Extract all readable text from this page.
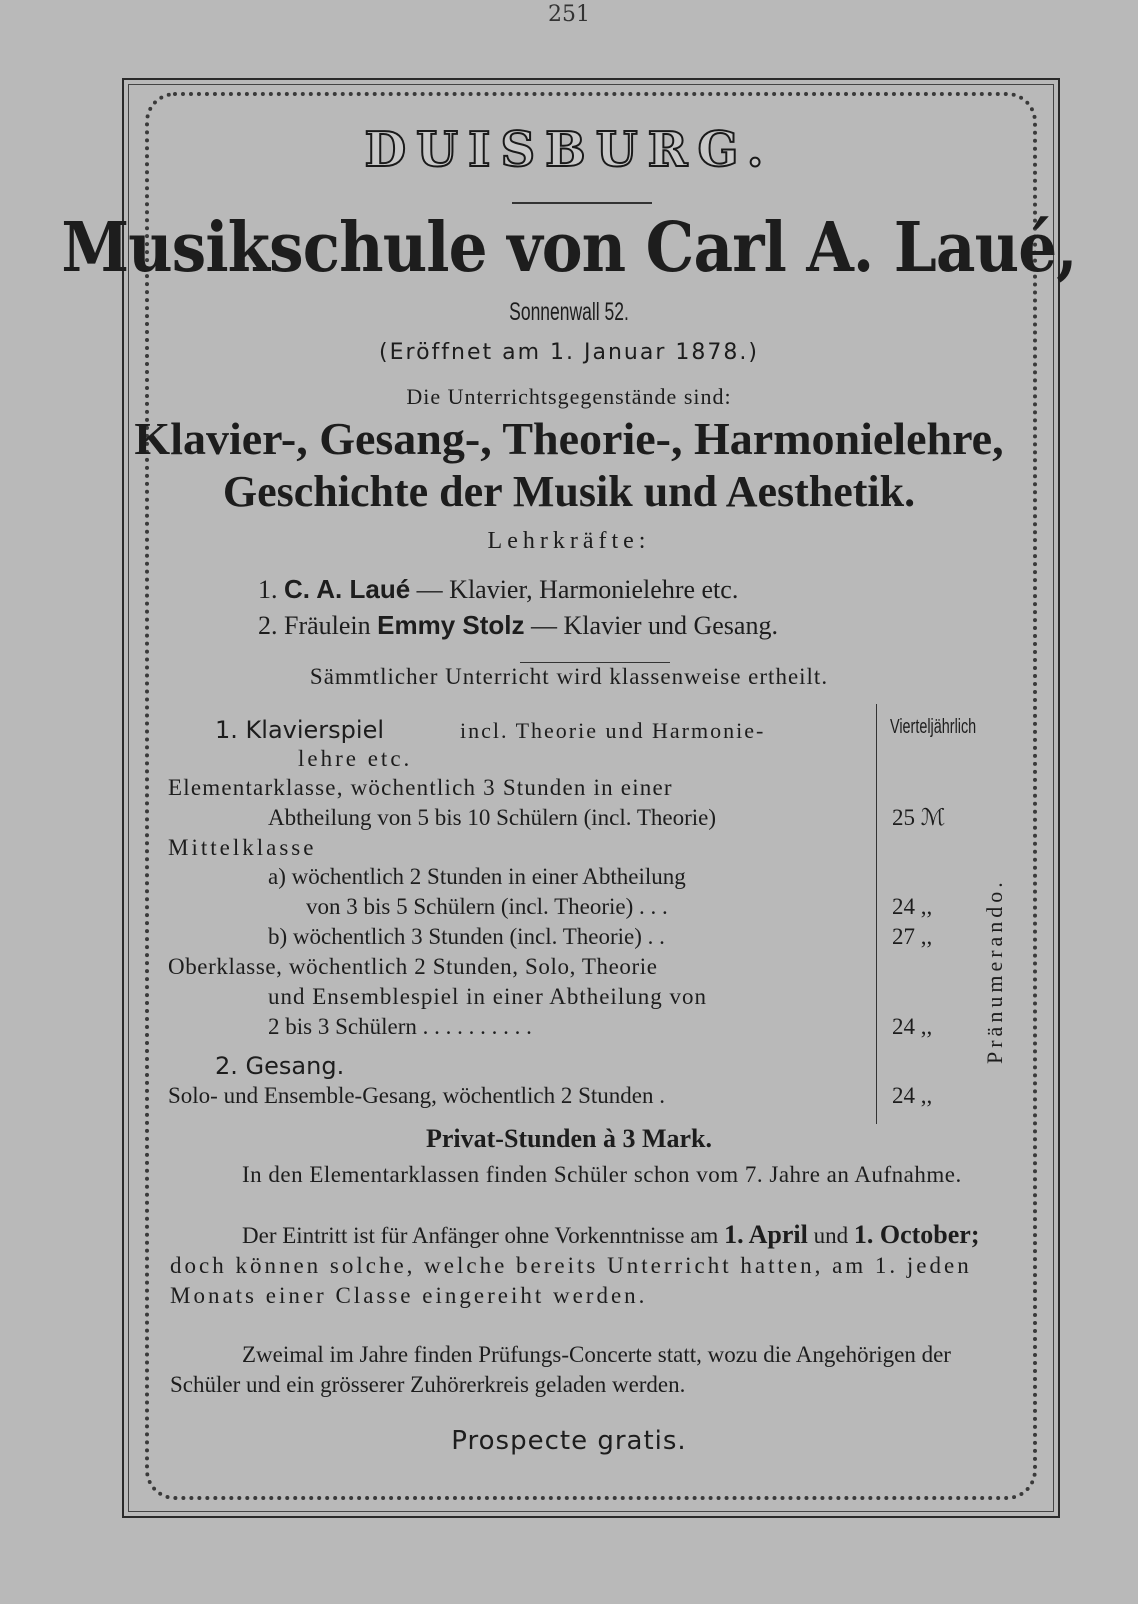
251
DUISBURG.
Musikschule von Carl A. Laué,
Sonnenwall 52.
(Eröffnet am 1. Januar 1878.)
Die Unterrichtsgegenstände sind:
Klavier-, Gesang-, Theorie-, Harmonielehre,
Geschichte der Musik und Aesthetik.
Lehrkräfte:
1. C. A. Laué — Klavier, Harmonielehre etc.
2. Fräulein Emmy Stolz — Klavier und Gesang.
Sämmtlicher Unterricht wird klassenweise ertheilt.
Vierteljährlich
Pränumerando.
1. Klavierspiel	incl. Theorie und Harmonie-
lehre etc.
Elementarklasse, wöchentlich 3 Stunden in einer
Abtheilung von 5 bis 10 Schülern (incl. Theorie)	25 ℳ
Mittelklasse
a) wöchentlich 2 Stunden in einer Abtheilung
von 3 bis 5 Schülern (incl. Theorie) . . .	24 ,,
b) wöchentlich 3 Stunden (incl. Theorie) . .	27 ,,
Oberklasse, wöchentlich 2 Stunden, Solo, Theorie
und Ensemblespiel in einer Abtheilung von
2 bis 3 Schülern . . . . . . . . . .	24 ,,
2. Gesang.
Solo- und Ensemble-Gesang, wöchentlich 2 Stunden .	24 ,,
Privat-Stunden à 3 Mark.
In den Elementarklassen finden Schüler schon vom 7. Jahre an Aufnahme.
Der Eintritt ist für Anfänger ohne Vorkenntnisse am 1. April und 1. October; doch können solche, welche bereits Unterricht hatten, am 1. jeden Monats einer Classe eingereiht werden.
Zweimal im Jahre finden Prüfungs-Concerte statt, wozu die Angehörigen der Schüler und ein grösserer Zuhörerkreis geladen werden.
Prospecte gratis.
